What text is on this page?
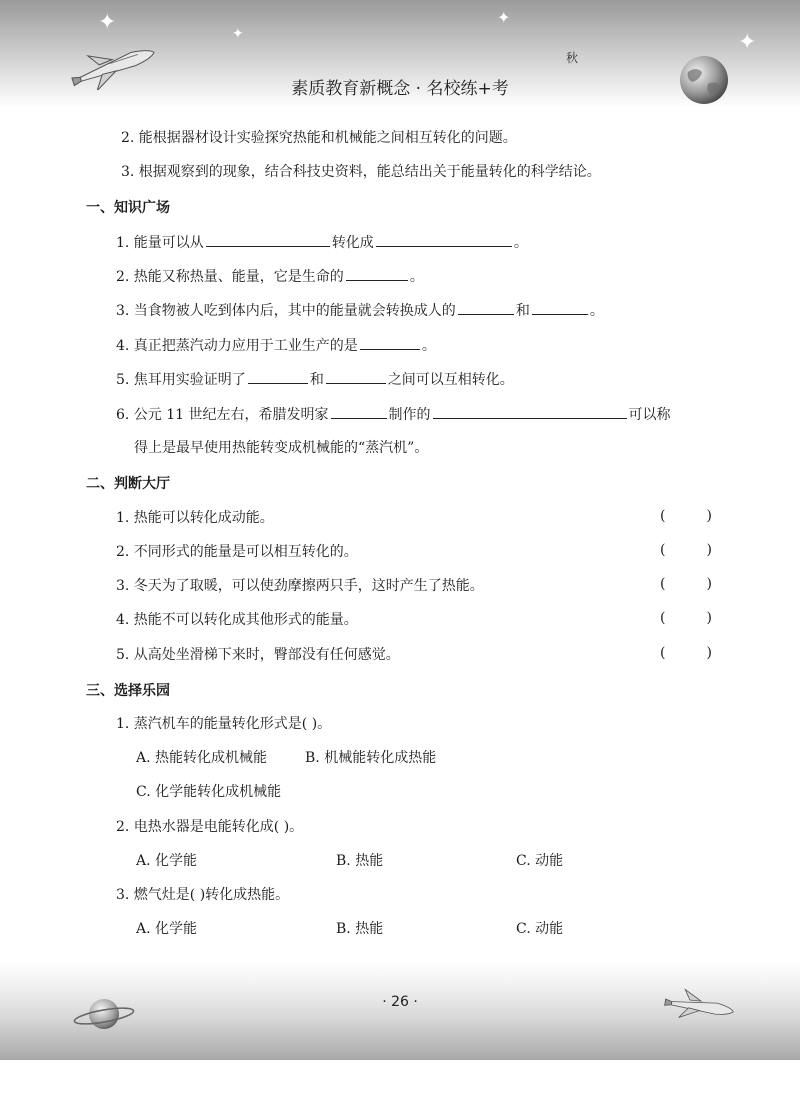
✦	✦
✦
✦
✦
素质教育新概念 · 名校练+考
秋
2. 能根据器材设计实验探究热能和机械能之间相互转化的问题。
3. 根据观察到的现象，结合科技史资料，能总结出关于能量转化的科学结论。
一、知识广场
1. 能量可以从	转化成	。
2. 热能又称热量、能量，它是生命的	。
3. 当食物被人吃到体内后，其中的能量就会转换成人的	和	。
4. 真正把蒸汽动力应用于工业生产的是	。
5. 焦耳用实验证明了	和	之间可以互相转化。
6. 公元 11 世纪左右，希腊发明家	制作的	可以称
得上是最早使用热能转变成机械能的“蒸汽机”。
二、判断大厅
1. 热能可以转化成动能。	(	)
2. 不同形式的能量是可以相互转化的。	(	)
3. 冬天为了取暖，可以使劲摩擦两只手，这时产生了热能。	(	)
4. 热能不可以转化成其他形式的能量。	(	)
5. 从高处坐滑梯下来时，臀部没有任何感觉。	(	)
三、选择乐园
1. 蒸汽机车的能量转化形式是( )。
A. 热能转化成机械能	B. 机械能转化成热能
C. 化学能转化成机械能
2. 电热水器是电能转化成( )。
A. 化学能	B. 热能	C. 动能
3. 燃气灶是( )转化成热能。
A. 化学能	B. 热能	C. 动能
· 26 ·
